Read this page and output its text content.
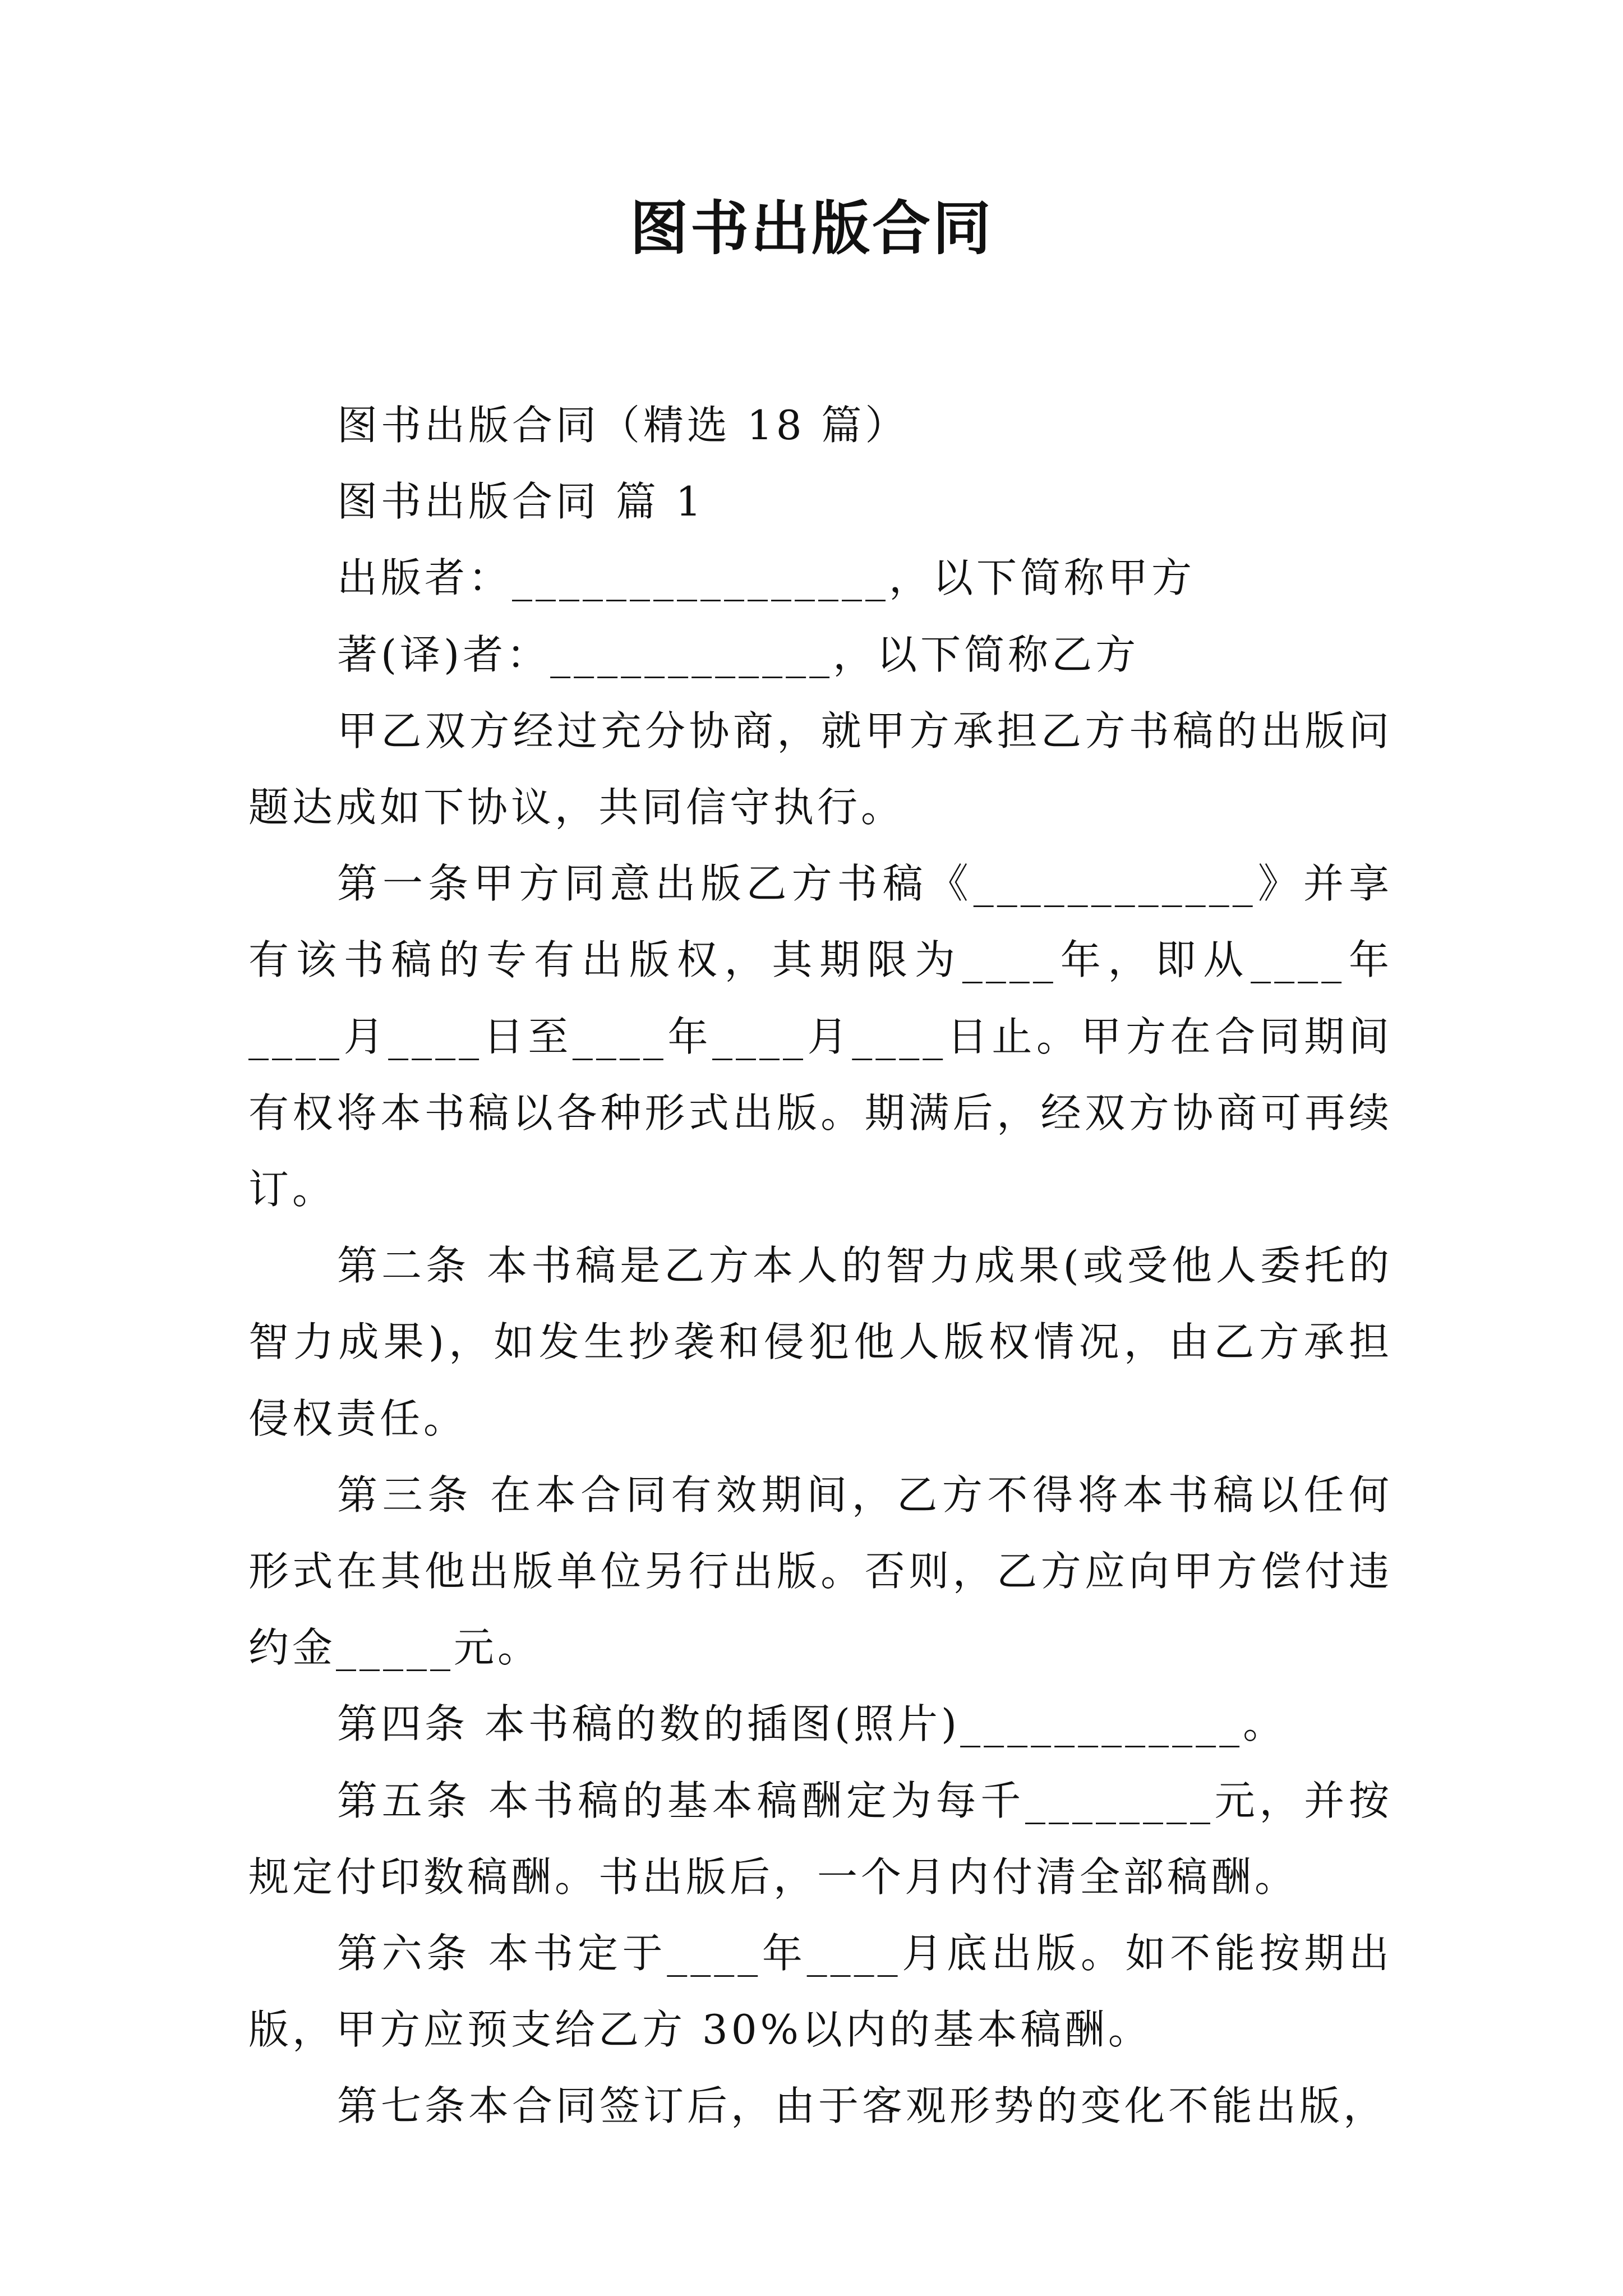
图书出版合同

图书出版合同（精选 18 篇）

图书出版合同 篇 1

出版者：________________，以下简称甲方

著(译)者：____________，以下简称乙方

甲乙双方经过充分协商，就甲方承担乙方书稿的出版问题达成如下协议，共同信守执行。

第一条甲方同意出版乙方书稿《____________》并享有该书稿的专有出版权，其期限为____年，即从____年____月____日至____年____月____日止。甲方在合同期间有权将本书稿以各种形式出版。期满后，经双方协商可再续订。

第二条 本书稿是乙方本人的智力成果(或受他人委托的智力成果)，如发生抄袭和侵犯他人版权情况，由乙方承担侵权责任。

第三条 在本合同有效期间，乙方不得将本书稿以任何形式在其他出版单位另行出版。否则，乙方应向甲方偿付违约金_____元。

第四条 本书稿的数的插图(照片)____________。

第五条 本书稿的基本稿酬定为每千________元，并按规定付印数稿酬。书出版后，一个月内付清全部稿酬。

第六条 本书定于____年____月底出版。如不能按期出版，甲方应预支给乙方 30%以内的基本稿酬。

第七条本合同签订后，由于客观形势的变化不能出版，
